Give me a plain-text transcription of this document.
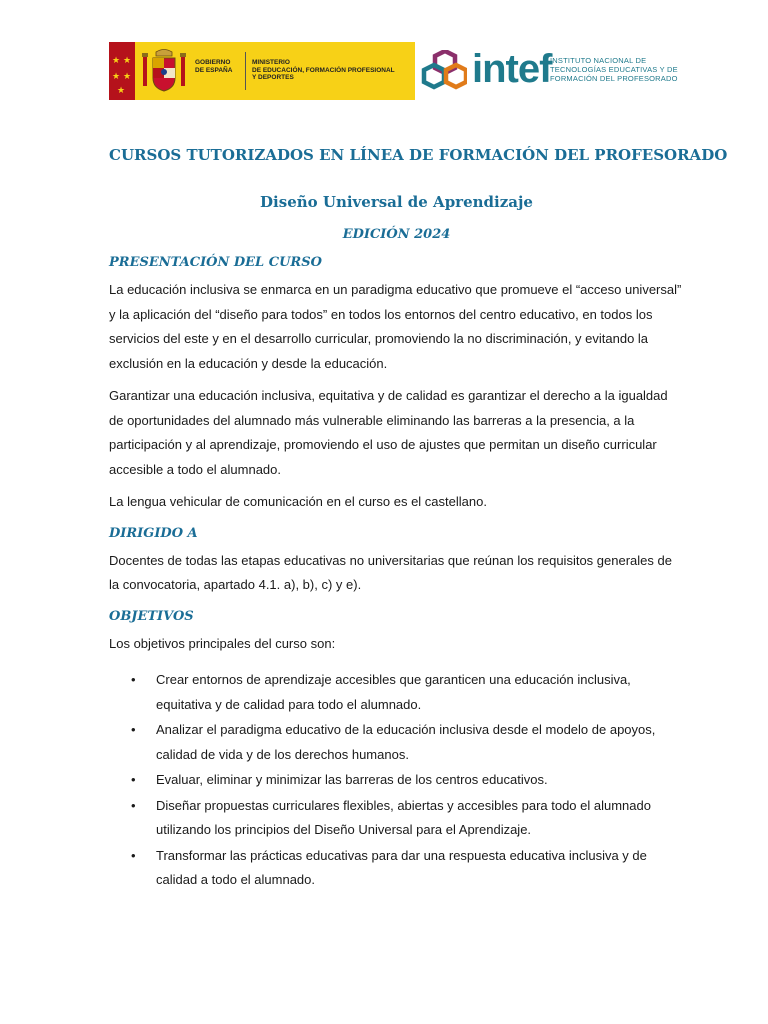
★ ★
★ ★
★
GOBIERNO
DE ESPAÑA
MINISTERIO
DE EDUCACIÓN, FORMACIÓN PROFESIONAL
Y DEPORTES	intef
INSTITUTO NACIONAL DE
TECNOLOGÍAS EDUCATIVAS Y DE
FORMACIÓN DEL PROFESORADO
CURSOS TUTORIZADOS EN LÍNEA DE FORMACIÓN DEL PROFESORADO
Diseño Universal de Aprendizaje
EDICIÓN 2024
PRESENTACIÓN DEL CURSO

La educación inclusiva se enmarca en un paradigma educativo que promueve el “acceso universal” y la aplicación del “diseño para todos” en todos los entornos del centro educativo, en todos los servicios del este y en el desarrollo curricular, promoviendo la no discriminación, y evitando la exclusión en la educación y desde la educación.

Garantizar una educación inclusiva, equitativa y de calidad es garantizar el derecho a la igualdad de oportunidades del alumnado más vulnerable eliminando las barreras a la presencia, a la participación y al aprendizaje, promoviendo el uso de ajustes que permitan un diseño curricular accesible a todo el alumnado.

La lengua vehicular de comunicación en el curso es el castellano.

DIRIGIDO A

Docentes de todas las etapas educativas no universitarias que reúnan los requisitos generales de la convocatoria, apartado 4.1. a), b), c) y e).

OBJETIVOS

Los objetivos principales del curso son:

• Crear entornos de aprendizaje accesibles que garanticen una educación inclusiva, equitativa y de calidad para todo el alumnado.
• Analizar el paradigma educativo de la educación inclusiva desde el modelo de apoyos, calidad de vida y de los derechos humanos.
• Evaluar, eliminar y minimizar las barreras de los centros educativos.
• Diseñar propuestas curriculares flexibles, abiertas y accesibles para todo el alumnado utilizando los principios del Diseño Universal para el Aprendizaje.
• Transformar las prácticas educativas para dar una respuesta educativa inclusiva y de calidad a todo el alumnado.
